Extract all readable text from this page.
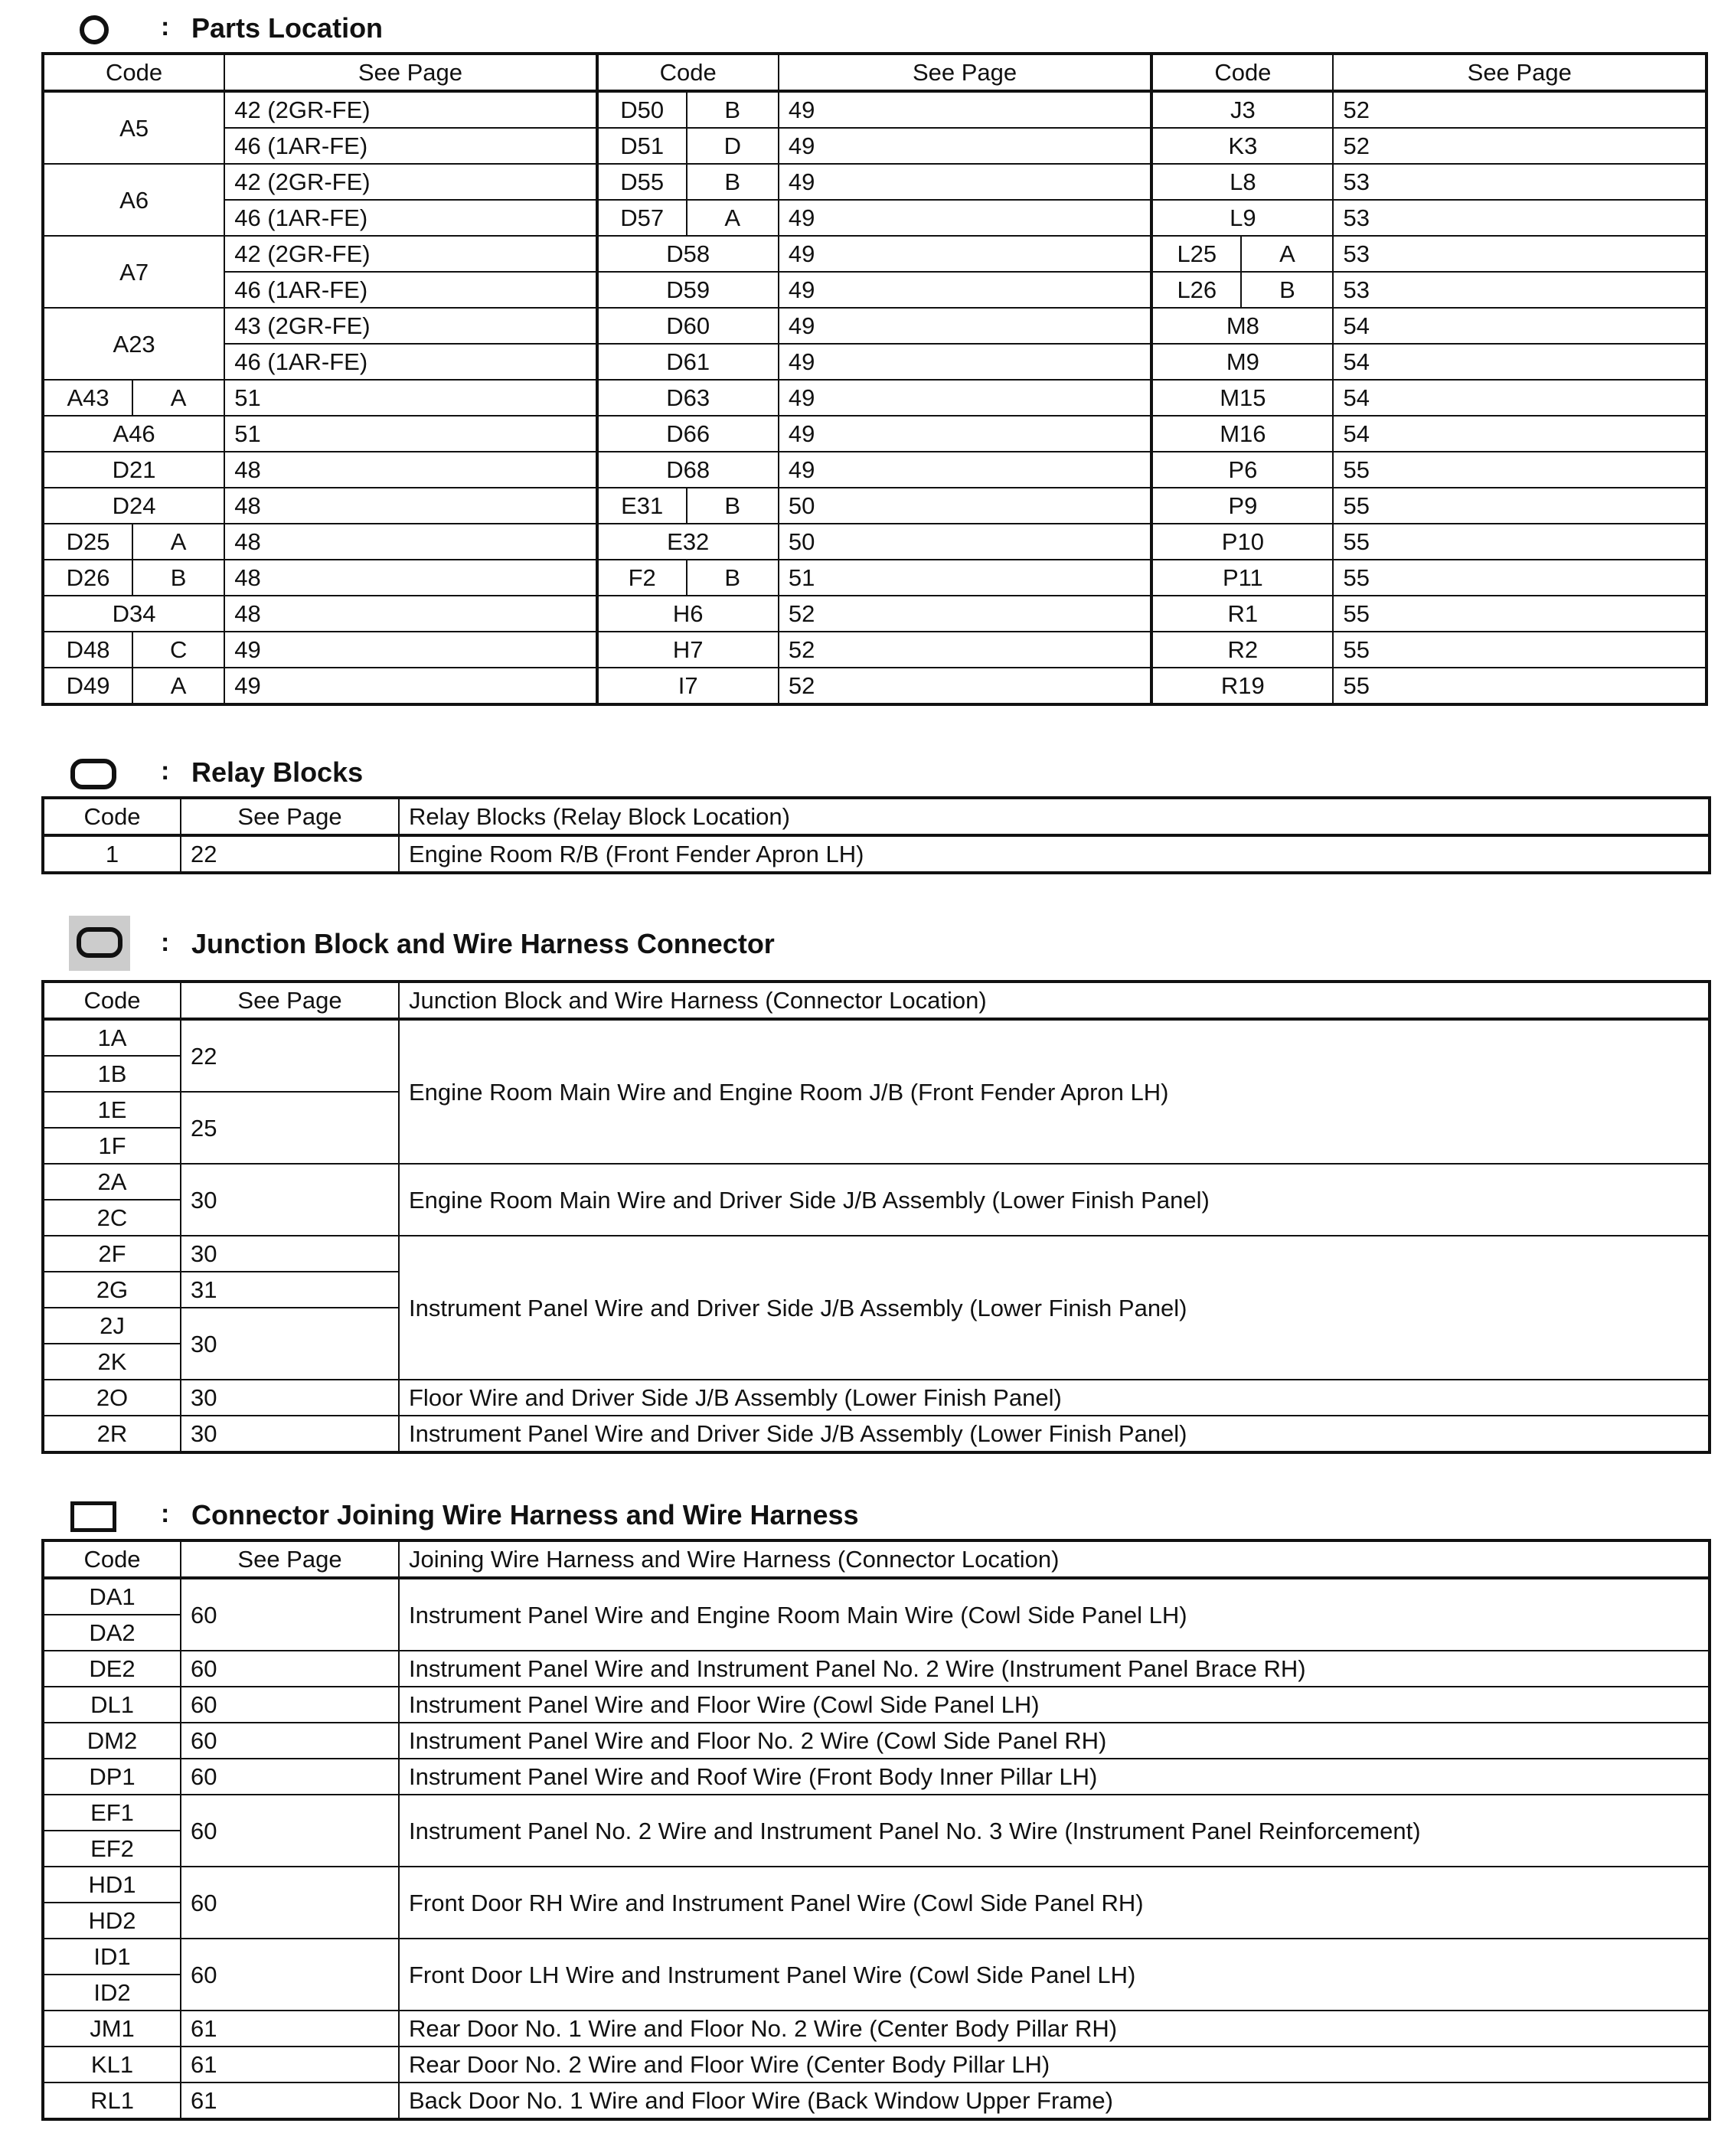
: Parts Location
Code		See Page	Code		See Page	Code		See Page
A5		42 (2GR-FE)	D50	B	49	J3		52
		46 (1AR-FE)	D51	D	49	K3		52
A6		42 (2GR-FE)	D55	B	49	L8		53
		46 (1AR-FE)	D57	A	49	L9		53
A7		42 (2GR-FE)	D58		49	L25	A	53
		46 (1AR-FE)	D59		49	L26	B	53
A23		43 (2GR-FE)	D60		49	M8		54
		46 (1AR-FE)	D61		49	M9		54
A43	A	51	D63		49	M15		54
A46		51	D66		49	M16		54
D21		48	D68		49	P6		55
D24		48	E31	B	50	P9		55
D25	A	48	E32		50	P10		55
D26	B	48	F2	B	51	P11		55
D34		48	H6		52	R1		55
D48	C	49	H7		52	R2		55
D49	A	49	I7		52	R19		55
: Relay Blocks
Code	See Page	Relay Blocks (Relay Block Location)
1	22	Engine Room R/B (Front Fender Apron LH)
: Junction Block and Wire Harness Connector
Code	See Page	Junction Block and Wire Harness (Connector Location)
1A	22	Engine Room Main Wire and Engine Room J/B (Front Fender Apron LH)
1B		
1E	25	
1F		
2A	30	Engine Room Main Wire and Driver Side J/B Assembly (Lower Finish Panel)
2C		
2F	30	Instrument Panel Wire and Driver Side J/B Assembly (Lower Finish Panel)
2G	31	
2J	30	
2K		
2O	30	Floor Wire and Driver Side J/B Assembly (Lower Finish Panel)
2R	30	Instrument Panel Wire and Driver Side J/B Assembly (Lower Finish Panel)
: Connector Joining Wire Harness and Wire Harness
Code	See Page	Joining Wire Harness and Wire Harness (Connector Location)
DA1	60	Instrument Panel Wire and Engine Room Main Wire (Cowl Side Panel LH)
DA2		
DE2	60	Instrument Panel Wire and Instrument Panel No. 2 Wire (Instrument Panel Brace RH)
DL1	60	Instrument Panel Wire and Floor Wire (Cowl Side Panel LH)
DM2	60	Instrument Panel Wire and Floor No. 2 Wire (Cowl Side Panel RH)
DP1	60	Instrument Panel Wire and Roof Wire (Front Body Inner Pillar LH)
EF1	60	Instrument Panel No. 2 Wire and Instrument Panel No. 3 Wire (Instrument Panel Reinforcement)
EF2		
HD1	60	Front Door RH Wire and Instrument Panel Wire (Cowl Side Panel RH)
HD2		
ID1	60	Front Door LH Wire and Instrument Panel Wire (Cowl Side Panel LH)
ID2		
JM1	61	Rear Door No. 1 Wire and Floor No. 2 Wire (Center Body Pillar RH)
KL1	61	Rear Door No. 2 Wire and Floor Wire (Center Body Pillar LH)
RL1	61	Back Door No. 1 Wire and Floor Wire (Back Window Upper Frame)
